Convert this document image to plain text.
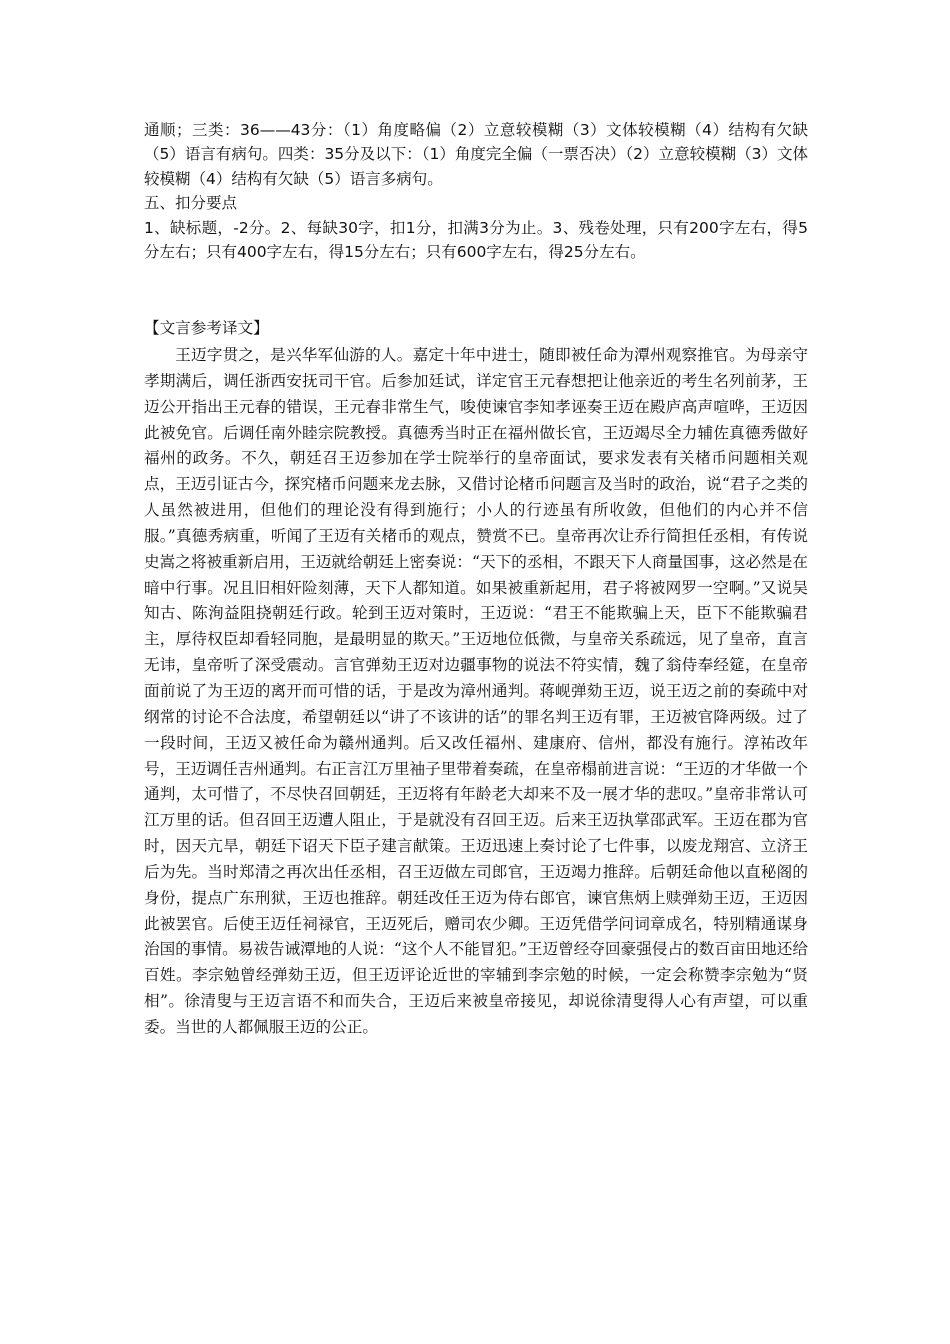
通顺；三类：36——43分：（1）角度略偏（2）立意较模糊（3）文体较模糊（4）结构有欠缺（5）语言有病句。四类：35分及以下：（1）角度完全偏（一票否决）（2）立意较模糊（3）文体较模糊（4）结构有欠缺（5）语言多病句。

五、扣分要点

1、缺标题，-2分。2、每缺30字，扣1分，扣满3分为止。3、残卷处理，只有200字左右，得5分左右；只有400字左右，得15分左右；只有600字左右，得25分左右。

【文言参考译文】

王迈字贯之，是兴华军仙游的人。嘉定十年中进士，随即被任命为潭州观察推官。为母亲守孝期满后，调任浙西安抚司干官。后参加廷试，详定官王元春想把让他亲近的考生名列前茅，王迈公开指出王元春的错误，王元春非常生气，唆使谏官李知孝诬奏王迈在殿庐高声喧哗，王迈因此被免官。后调任南外睦宗院教授。真德秀当时正在福州做长官，王迈竭尽全力辅佐真德秀做好福州的政务。不久，朝廷召王迈参加在学士院举行的皇帝面试，要求发表有关楮币问题相关观点，王迈引证古今，探究楮币问题来龙去脉，又借讨论楮币问题言及当时的政治，说“君子之类的人虽然被进用，但他们的理论没有得到施行；小人的行迹虽有所收敛，但他们的内心并不信服。”真德秀病重，听闻了王迈有关楮币的观点，赞赏不已。皇帝再次让乔行简担任丞相，有传说史嵩之将被重新启用，王迈就给朝廷上密奏说：“天下的丞相，不跟天下人商量国事，这必然是在暗中行事。况且旧相奸险刻薄，天下人都知道。如果被重新起用，君子将被网罗一空啊。”又说吴知古、陈洵益阻挠朝廷行政。轮到王迈对策时，王迈说：“君王不能欺骗上天，臣下不能欺骗君主，厚待权臣却看轻同胞，是最明显的欺天。”王迈地位低微，与皇帝关系疏远，见了皇帝，直言无讳，皇帝听了深受震动。言官弹劾王迈对边疆事物的说法不符实情，魏了翁侍奉经筵，在皇帝面前说了为王迈的离开而可惜的话，于是改为漳州通判。蒋岘弹劾王迈，说王迈之前的奏疏中对纲常的讨论不合法度，希望朝廷以“讲了不该讲的话”的罪名判王迈有罪，王迈被官降两级。过了一段时间，王迈又被任命为赣州通判。后又改任福州、建康府、信州，都没有施行。淳祐改年号，王迈调任吉州通判。右正言江万里袖子里带着奏疏，在皇帝榻前进言说：“王迈的才华做一个通判，太可惜了，不尽快召回朝廷，王迈将有年龄老大却来不及一展才华的悲叹。”皇帝非常认可江万里的话。但召回王迈遭人阻止，于是就没有召回王迈。后来王迈执掌邵武军。王迈在郡为官时，因天亢旱，朝廷下诏天下臣子建言献策。王迈迅速上奏讨论了七件事，以废龙翔宫、立济王后为先。当时郑清之再次出任丞相，召王迈做左司郎官，王迈竭力推辞。后朝廷命他以直秘阁的身份，提点广东刑狱，王迈也推辞。朝廷改任王迈为侍右郎官，谏官焦炳上赎弹劾王迈，王迈因此被罢官。后使王迈任祠禄官，王迈死后，赠司农少卿。王迈凭借学问词章成名，特别精通谋身治国的事情。易祓告诫潭地的人说：“这个人不能冒犯。”王迈曾经夺回豪强侵占的数百亩田地还给百姓。李宗勉曾经弹劾王迈，但王迈评论近世的宰辅到李宗勉的时候，一定会称赞李宗勉为“贤相”。徐清叟与王迈言语不和而失合，王迈后来被皇帝接见，却说徐清叟得人心有声望，可以重委。当世的人都佩服王迈的公正。
